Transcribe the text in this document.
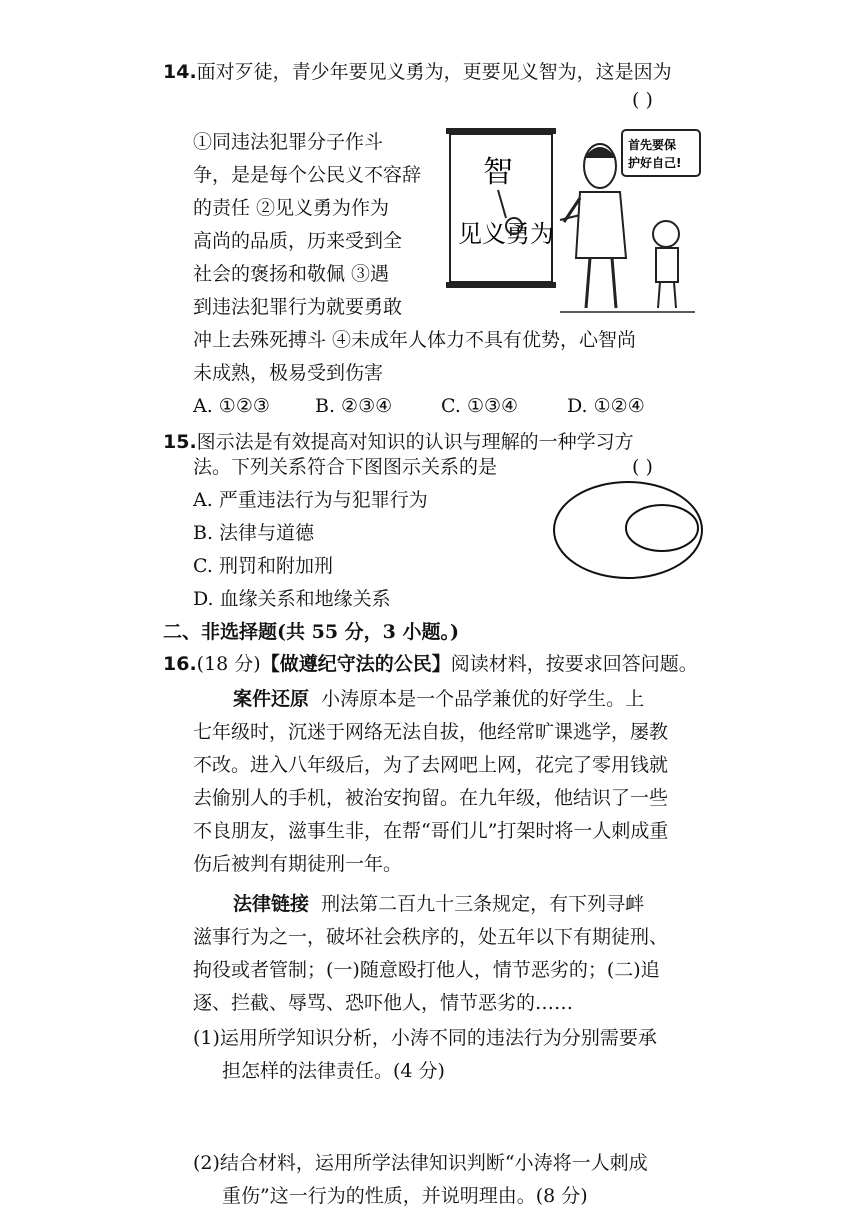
14.面对歹徒，青少年要见义勇为，更要见义智为，这是因为
( )
①同违法犯罪分子作斗
争，是是每个公民义不容辞
的责任 ②见义勇为作为
高尚的品质，历来受到全
社会的褒扬和敬佩 ③遇
到违法犯罪行为就要勇敢
冲上去殊死搏斗 ④未成年人体力不具有优势，心智尚
未成熟，极易受到伤害
A. ①②③ B. ②③④	C. ①③④	D. ①②④
智
见义勇为
首先要保
护好自己!
15.图示法是有效提高对知识的认识与理解的一种学习方
法。下列关系符合下图图示关系的是	( )
A. 严重违法行为与犯罪行为
B. 法律与道德
C. 刑罚和附加刑
D. 血缘关系和地缘关系
二、非选择题(共 55 分，3 小题。)
16.(18 分)【做遵纪守法的公民】阅读材料，按要求回答问题。
案件还原 小涛原本是一个品学兼优的好学生。上
七年级时，沉迷于网络无法自拔，他经常旷课逃学，屡教
不改。进入八年级后，为了去网吧上网，花完了零用钱就
去偷别人的手机，被治安拘留。在九年级，他结识了一些
不良朋友，滋事生非，在帮“哥们儿”打架时将一人刺成重
伤后被判有期徒刑一年。
法律链接 刑法第二百九十三条规定，有下列寻衅
滋事行为之一，破坏社会秩序的，处五年以下有期徒刑、
拘役或者管制；(一)随意殴打他人，情节恶劣的；(二)追
逐、拦截、辱骂、恐吓他人，情节恶劣的……
(1)运用所学知识分析，小涛不同的违法行为分别需要承
担怎样的法律责任。(4 分)
(2)结合材料，运用所学法律知识判断“小涛将一人刺成
重伤”这一行为的性质，并说明理由。(8 分)
